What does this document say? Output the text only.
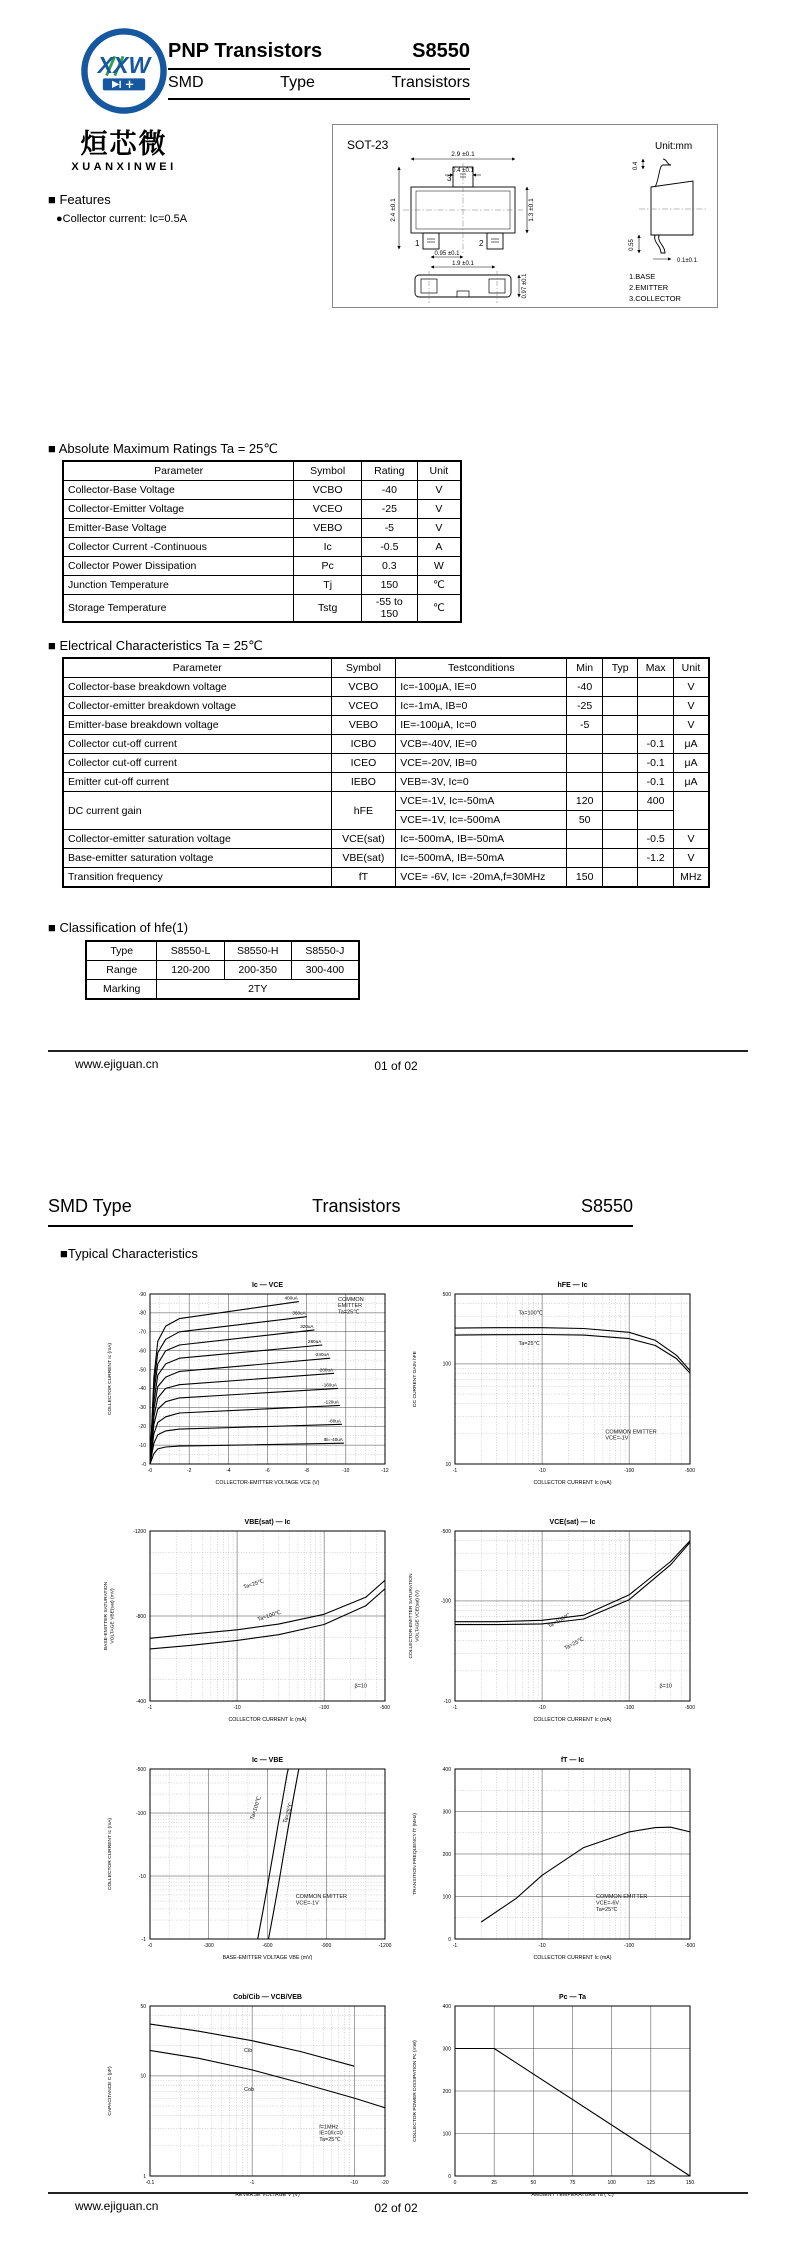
XXW
烜芯微
XUANXINWEI
PNP Transistors	S8550
SMD	Type	Transistors
■ Features
●Collector current: Ic=0.5A
SOT-23	Unit:mm
3
1	2
2.9 ±0.1
0.4 ±0.1
2.4 ±0.1	1.3 ±0.1
0.95 ±0.1
1.9 ±0.1
0.4
0.55
0.1±0.1
0.97 ±0.1	1.BASE
2.EMITTER
3.COLLECTOR
■ Absolute Maximum Ratings Ta = 25℃
Parameter	Symbol	Rating	Unit
Collector-Base Voltage	VCBO	-40	V
Collector-Emitter Voltage	VCEO	-25	V
Emitter-Base Voltage	VEBO	-5	V
Collector Current -Continuous	Ic	-0.5	A
Collector Power Dissipation	Pc	0.3	W
Junction Temperature	Tj	150	℃
Storage Temperature	Tstg	-55 to 150	℃
■ Electrical Characteristics Ta = 25℃
Parameter	Symbol	Testconditions	Min	Typ	Max	Unit
Collector-base breakdown voltage	VCBO	Ic=-100μA, IE=0	-40			V
Collector-emitter breakdown voltage	VCEO	Ic=-1mA, IB=0	-25			V
Emitter-base breakdown voltage	VEBO	IE=-100μA, Ic=0	-5			V
Collector cut-off current	ICBO	VCB=-40V, IE=0			-0.1	μA
Collector cut-off current	ICEO	VCE=-20V, IB=0			-0.1	μA
Emitter cut-off current	IEBO	VEB=-3V, Ic=0			-0.1	μA
DC current gain	hFE	VCE=-1V, Ic=-50mA	120		400	
		VCE=-1V, Ic=-500mA	50			
Collector-emitter saturation voltage	VCE(sat)	Ic=-500mA, IB=-50mA			-0.5	V
Base-emitter saturation voltage	VBE(sat)	Ic=-500mA, IB=-50mA			-1.2	V
Transition frequency	fT	VCE= -6V, Ic= -20mA,f=30MHz	150			MHz
■ Classification of hfe(1)
Type	S8550-L	S8550-H	S8550-J
Range	120-200	200-350	300-400
Marking	2TY		
www.ejiguan.cn	01 of 02
SMD Type	Transistors	S8550
■Typical Characteristics
-0	-2	-4	-6	-8	-10	-12
-0
-10
-20
-30
-40
-50
-60
-70
-80
-90
Ic — VCE
COLLECTOR-EMITTER VOLTAGE VCE (V)
COLLECTOR CURRENT Ic (mA)
400uA
360uA
320uA
280uA
-240uA
-200uA
-160uA
-120uA
-80uA
IB=-40uA
COMMON EMITTER Ta=25℃
-1	-10	-100	-500
10
100
500
hFE — Ic
COLLECTOR CURRENT Ic (mA)
DC CURRENT GAIN hFE
Ta=100℃
Ta=25℃
COMMON EMITTER VCE=-1V
-1	-10	-100	-500
-400
-800
-1200
VBE(sat) — Ic
COLLECTOR CURRENT Ic (mA)
BASE-EMITTER SATURATION VOLTAGE VBE(sat) (mV)
Ta=25℃
Ta=100℃
β=10
-1	-10	-100	-500
-10
-100
-500
VCE(sat) — Ic
COLLECTOR CURRENT Ic (mA)
COLLECTOR-EMITTER SATURATION VOLTAGE VCE(sat) (V)	Ta=100℃
Ta=25℃
β=10
-0	-300	-600	-900	-1200
-1
-10
-100
-500
Ic — VBE
BASE-EMITTER VOLTAGE VBE (mV)
COLLECTOR CURRENT Ic (mA)
Ta=100℃	Ta=25℃
COMMON EMITTER VCE=-1V
-1	-10	-100	-500
0
100
200
300
400
fT — Ic
COLLECTOR CURRENT Ic (mA)
TRANSITION FREQUENCY fT (MHz)
COMMON EMITTER VCE=-6V Ta=25℃
-0.1	-1	-10	-20
1
10
50
Cob/Cib — VCB/VEB
REVERSE VOLTAGE V (V)
CAPACITANCE C (pF)
Cib
Cob
f=1MHz IE=0/Ic=0 Ta=25℃
0	25	50	75	100	125	150
0
100
200
300
400
Pc — Ta
AMBIENT TEMPERATURE Ta (℃)
COLLECTOR POWER DISSIPATION Pc (mW)
www.ejiguan.cn	02 of 02
